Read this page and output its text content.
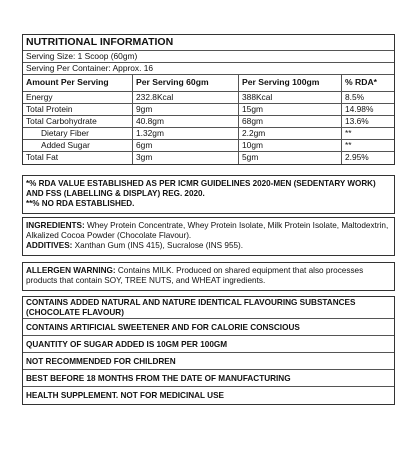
NUTRITIONAL INFORMATION
Serving Size: 1 Scoop (60gm)
Serving Per Container: Approx. 16
Amount Per Serving	Per Serving 60gm	Per Serving 100gm	% RDA*
Energy	232.8Kcal	388Kcal	8.5%
Total Protein	9gm	15gm	14.98%
Total Carbohydrate	40.8gm	68gm	13.6%
Dietary Fiber	1.32gm	2.2gm	**
Added Sugar	6gm	10gm	**
Total Fat	3gm	5gm	2.95%
*% RDA VALUE ESTABLISHED AS PER ICMR GUIDELINES 2020-MEN (SEDENTARY WORK)
AND FSS (LABELLING & DISPLAY) REG. 2020.
**% NO RDA ESTABLISHED.
INGREDIENTS: Whey Protein Concentrate, Whey Protein Isolate, Milk Protein Isolate, Maltodextrin, Alkalized Cocoa Powder (Chocolate Flavour).
ADDITIVES: Xanthan Gum (INS 415), Sucralose (INS 955).
ALLERGEN WARNING: Contains MILK. Produced on shared equipment that also processes products that contain SOY, TREE NUTS, and WHEAT ingredients.
CONTAINS ADDED NATURAL AND NATURE IDENTICAL FLAVOURING SUBSTANCES (CHOCOLATE FLAVOUR)
CONTAINS ARTIFICIAL SWEETENER AND FOR CALORIE CONSCIOUS
QUANTITY OF SUGAR ADDED IS 10GM PER 100GM
NOT RECOMMENDED FOR CHILDREN
BEST BEFORE 18 MONTHS FROM THE DATE OF MANUFACTURING
HEALTH SUPPLEMENT. NOT FOR MEDICINAL USE
